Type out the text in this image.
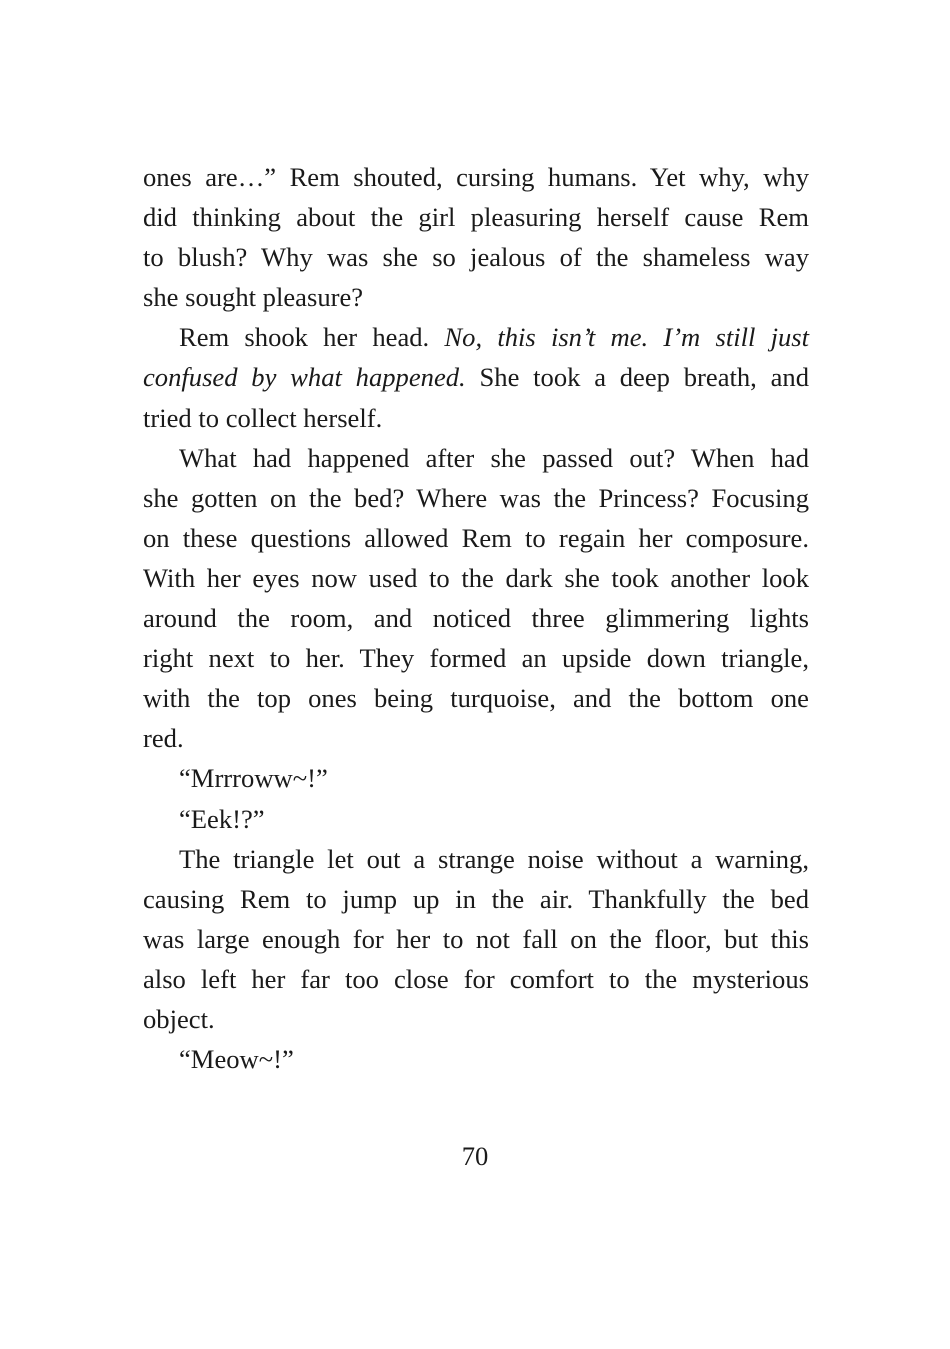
ones are…” Rem shouted, cursing humans. Yet why, why
did thinking about the girl pleasuring herself cause Rem
to blush? Why was she so jealous of the shameless way
she sought pleasure?
Rem shook her head. No, this isn’t me. I’m still just
confused by what happened. She took a deep breath, and
tried to collect herself.
What had happened after she passed out? When had
she gotten on the bed? Where was the Princess? Focusing
on these questions allowed Rem to regain her composure.
With her eyes now used to the dark she took another look
around the room, and noticed three glimmering lights
right next to her. They formed an upside down triangle,
with the top ones being turquoise, and the bottom one
red.
“Mrrroww~!”
“Eek!?”
The triangle let out a strange noise without a warning,
causing Rem to jump up in the air. Thankfully the bed
was large enough for her to not fall on the floor, but this
also left her far too close for comfort to the mysterious
object.
“Meow~!”
70
